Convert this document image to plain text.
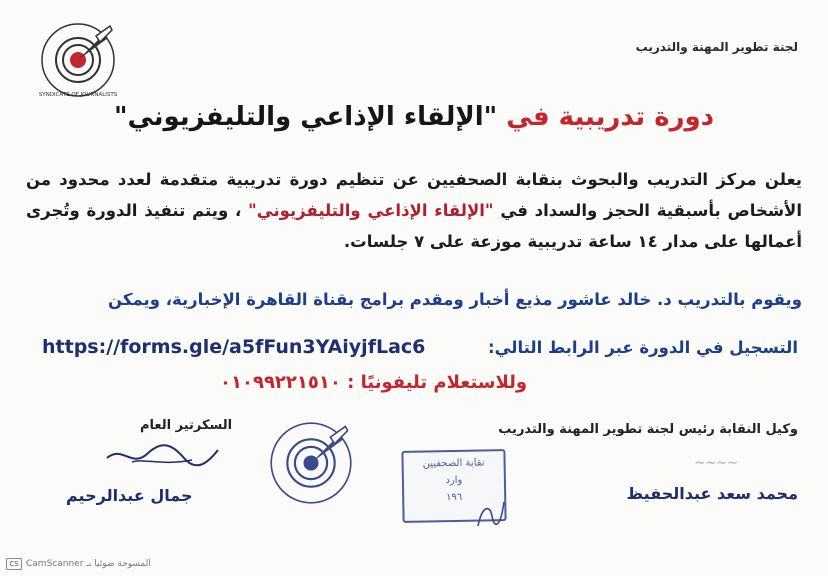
SYNDICATE OF JOURNALISTS
لجنة تطوير المهنة والتدريب
دورة تدريبية في "الإلقاء الإذاعي والتليفزيوني"
يعلن مركز التدريب والبحوث بنقابة الصحفيين عن تنظيم دورة تدريبية متقدمة لعدد محدود من الأشخاص بأسبقية الحجز والسداد في "الإلقاء الإذاعي والتليفزيوني" ، ويتم تنفيذ الدورة وتُجرى أعمالها على مدار ١٤ ساعة تدريبية موزعة على ٧ جلسات.
ويقوم بالتدريب د. خالد عاشور مذيع أخبار ومقدم برامج بقناة القاهرة الإخبارية، ويمكن
التسجيل في الدورة عبر الرابط التالي:
https://forms.gle/a5fFun3YAiyjfLac6
وللاستعلام تليفونيًا : ٠١٠٩٩٢٢١٥١٠
السكرتير العام
جمال عبدالرحيم
نقابة الصحفيين
وارد
١٩٦
وكيل النقابة رئيس لجنة تطوير المهنة والتدريب
~~~~
محمد سعد عبدالحفيظ
CS CamScanner المسوحة ضوئيا بـ
